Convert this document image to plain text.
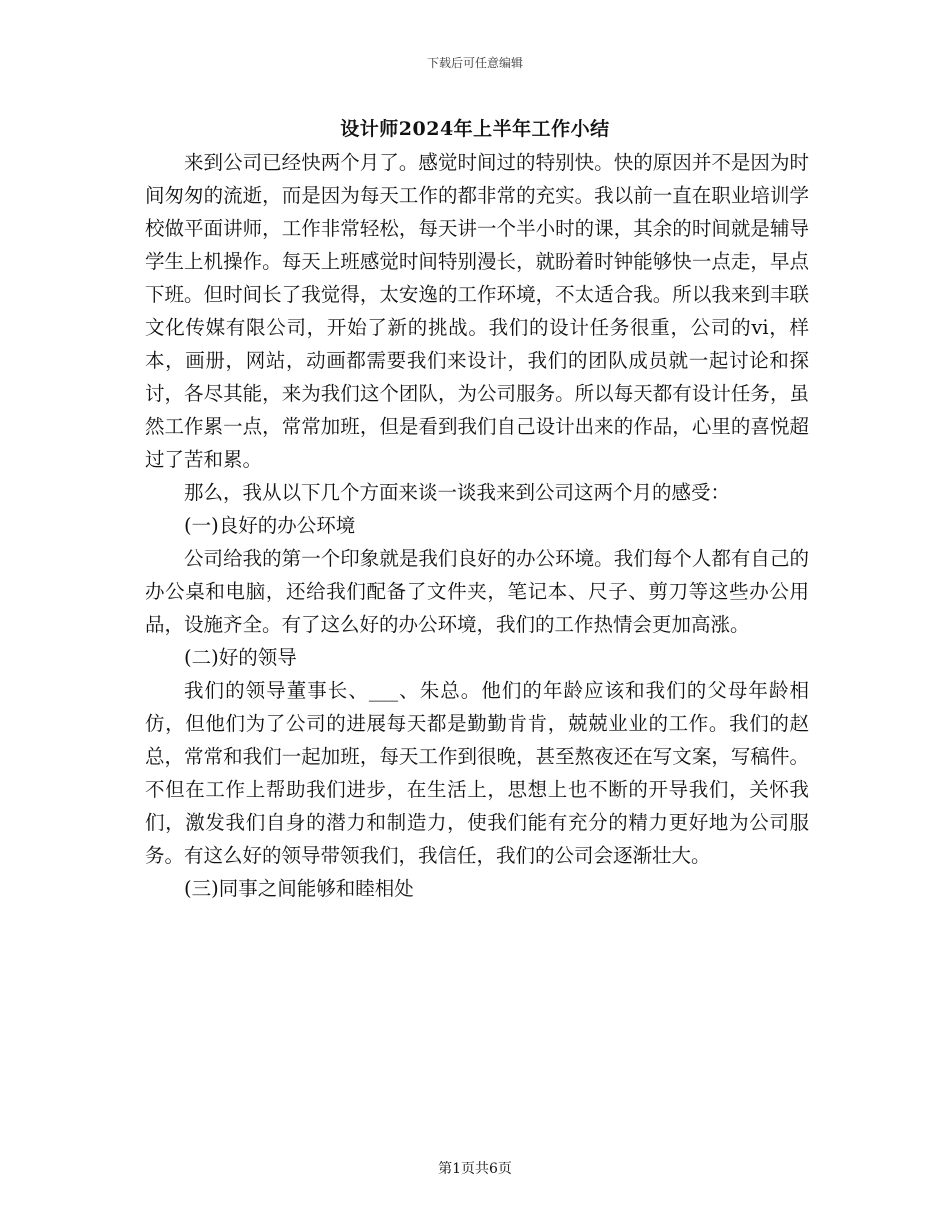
下载后可任意编辑
设计师2024年上半年工作小结

来到公司已经快两个月了。感觉时间过的特别快。快的原因并不是因为时间匆匆的流逝，而是因为每天工作的都非常的充实。我以前一直在职业培训学校做平面讲师，工作非常轻松，每天讲一个半小时的课，其余的时间就是辅导学生上机操作。每天上班感觉时间特别漫长，就盼着时钟能够快一点走，早点下班。但时间长了我觉得，太安逸的工作环境，不太适合我。所以我来到丰联文化传媒有限公司，开始了新的挑战。我们的设计任务很重，公司的vi，样本，画册，网站，动画都需要我们来设计，我们的团队成员就一起讨论和探讨，各尽其能，来为我们这个团队，为公司服务。所以每天都有设计任务，虽然工作累一点，常常加班，但是看到我们自己设计出来的作品，心里的喜悦超过了苦和累。

那么，我从以下几个方面来谈一谈我来到公司这两个月的感受：

(一)良好的办公环境

公司给我的第一个印象就是我们良好的办公环境。我们每个人都有自己的办公桌和电脑，还给我们配备了文件夹，笔记本、尺子、剪刀等这些办公用品，设施齐全。有了这么好的办公环境，我们的工作热情会更加高涨。

(二)好的领导

我们的领导董事长、___、朱总。他们的年龄应该和我们的父母年龄相仿，但他们为了公司的进展每天都是勤勤肯肯，兢兢业业的工作。我们的赵总，常常和我们一起加班，每天工作到很晚，甚至熬夜还在写文案，写稿件。不但在工作上帮助我们进步，在生活上，思想上也不断的开导我们，关怀我们，激发我们自身的潜力和制造力，使我们能有充分的精力更好地为公司服务。有这么好的领导带领我们，我信任，我们的公司会逐渐壮大。

(三)同事之间能够和睦相处

第1页共6页
